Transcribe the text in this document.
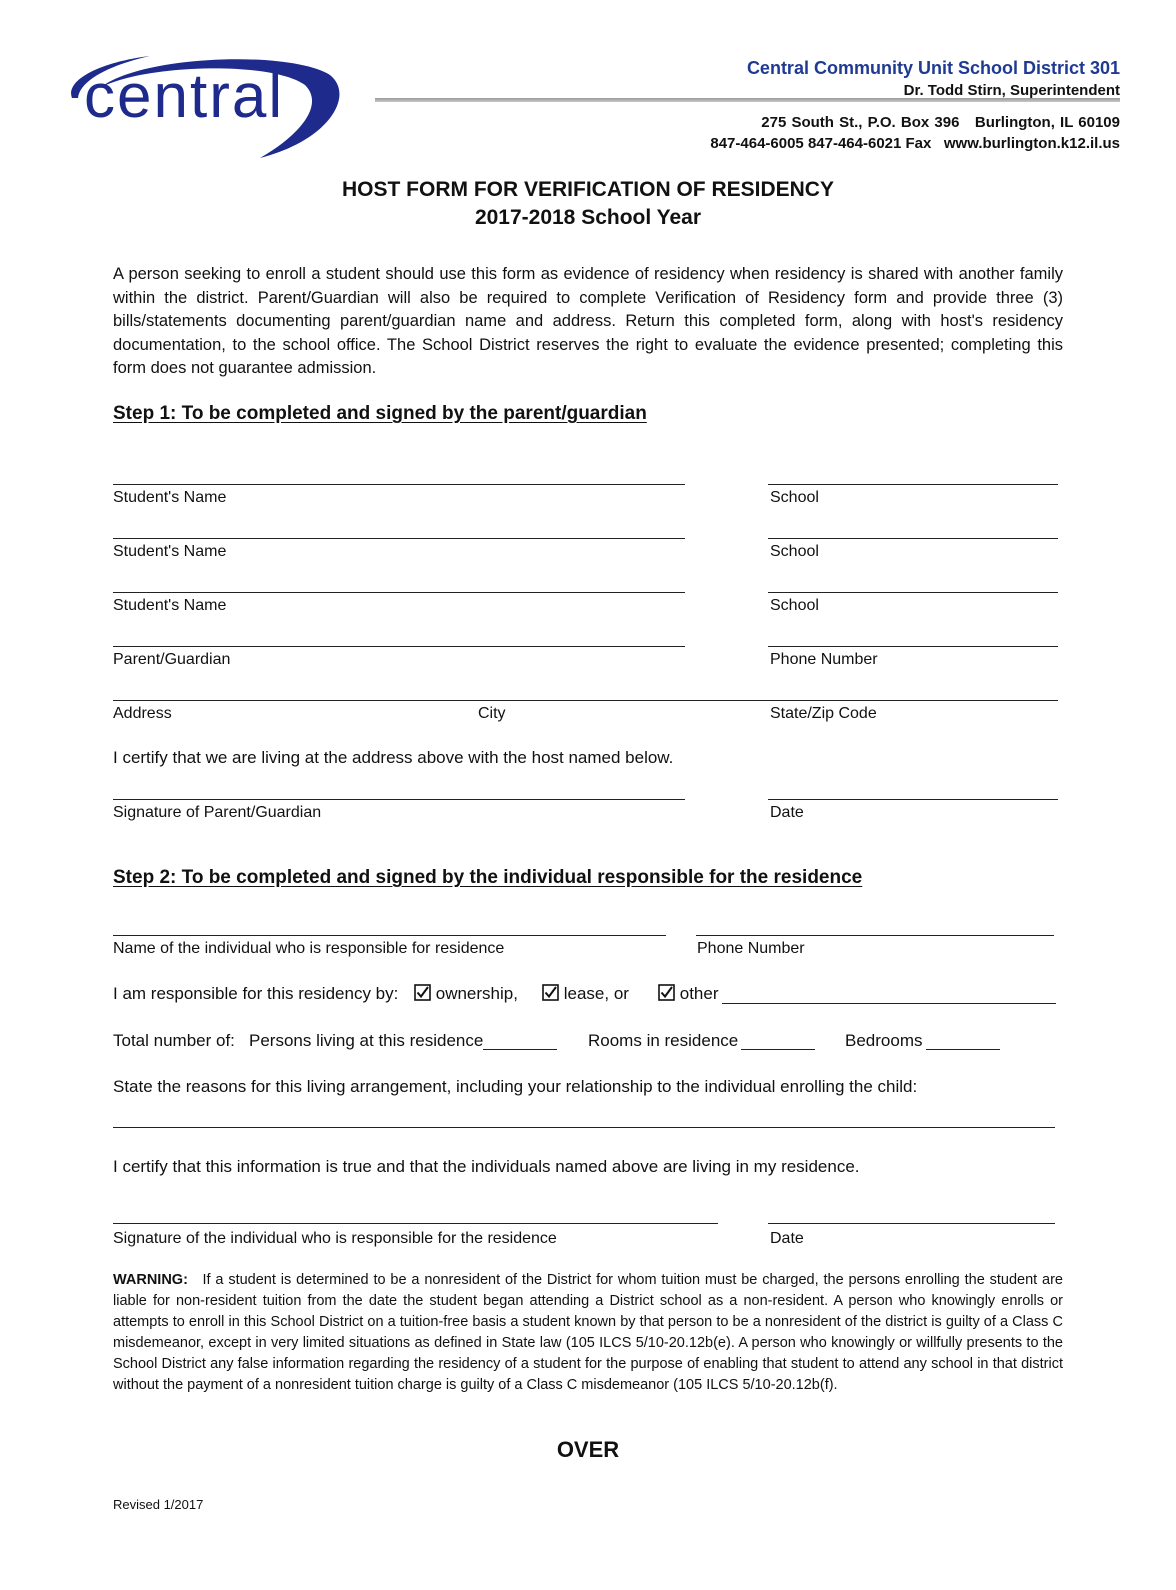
central	Central Community Unit School District 301
Dr. Todd Stirn, Superintendent
275 South St., P.O. Box 396   Burlington, IL 60109
847-464-6005 847-464-6021 Fax   www.burlington.k12.il.us
HOST FORM FOR VERIFICATION OF RESIDENCY
2017-2018 School Year
A person seeking to enroll a student should use this form as evidence of residency when residency is shared with another family within the district. Parent/Guardian will also be required to complete Verification of Residency form and provide three (3) bills/statements documenting parent/guardian name and address. Return this completed form, along with host's residency documentation, to the school office. The School District reserves the right to evaluate the evidence presented; completing this form does not guarantee admission.
Step 1: To be completed and signed by the parent/guardian
Student's Name	School
Student's Name	School
Student's Name	School
Parent/Guardian	Phone Number
Address	City	State/Zip Code
I certify that we are living at the address above with the host named below.
Signature of Parent/Guardian	Date
Step 2: To be completed and signed by the individual responsible for the residence
Name of the individual who is responsible for residence	Phone Number
I am responsible for this residency by:	ownership,	lease, or	other
Total number of: Persons living at this residence	Rooms in residence	Bedrooms
State the reasons for this living arrangement, including your relationship to the individual enrolling the child:
I certify that this information is true and that the individuals named above are living in my residence.
Signature of the individual who is responsible for the residence	Date
WARNING: If a student is determined to be a nonresident of the District for whom tuition must be charged, the persons enrolling the student are liable for non-resident tuition from the date the student began attending a District school as a non-resident. A person who knowingly enrolls or attempts to enroll in this School District on a tuition-free basis a student known by that person to be a nonresident of the district is guilty of a Class C misdemeanor, except in very limited situations as defined in State law (105 ILCS 5/10-20.12b(e). A person who knowingly or willfully presents to the School District any false information regarding the residency of a student for the purpose of enabling that student to attend any school in that district without the payment of a nonresident tuition charge is guilty of a Class C misdemeanor (105 ILCS 5/10-20.12b(f).
OVER
Revised 1/2017
